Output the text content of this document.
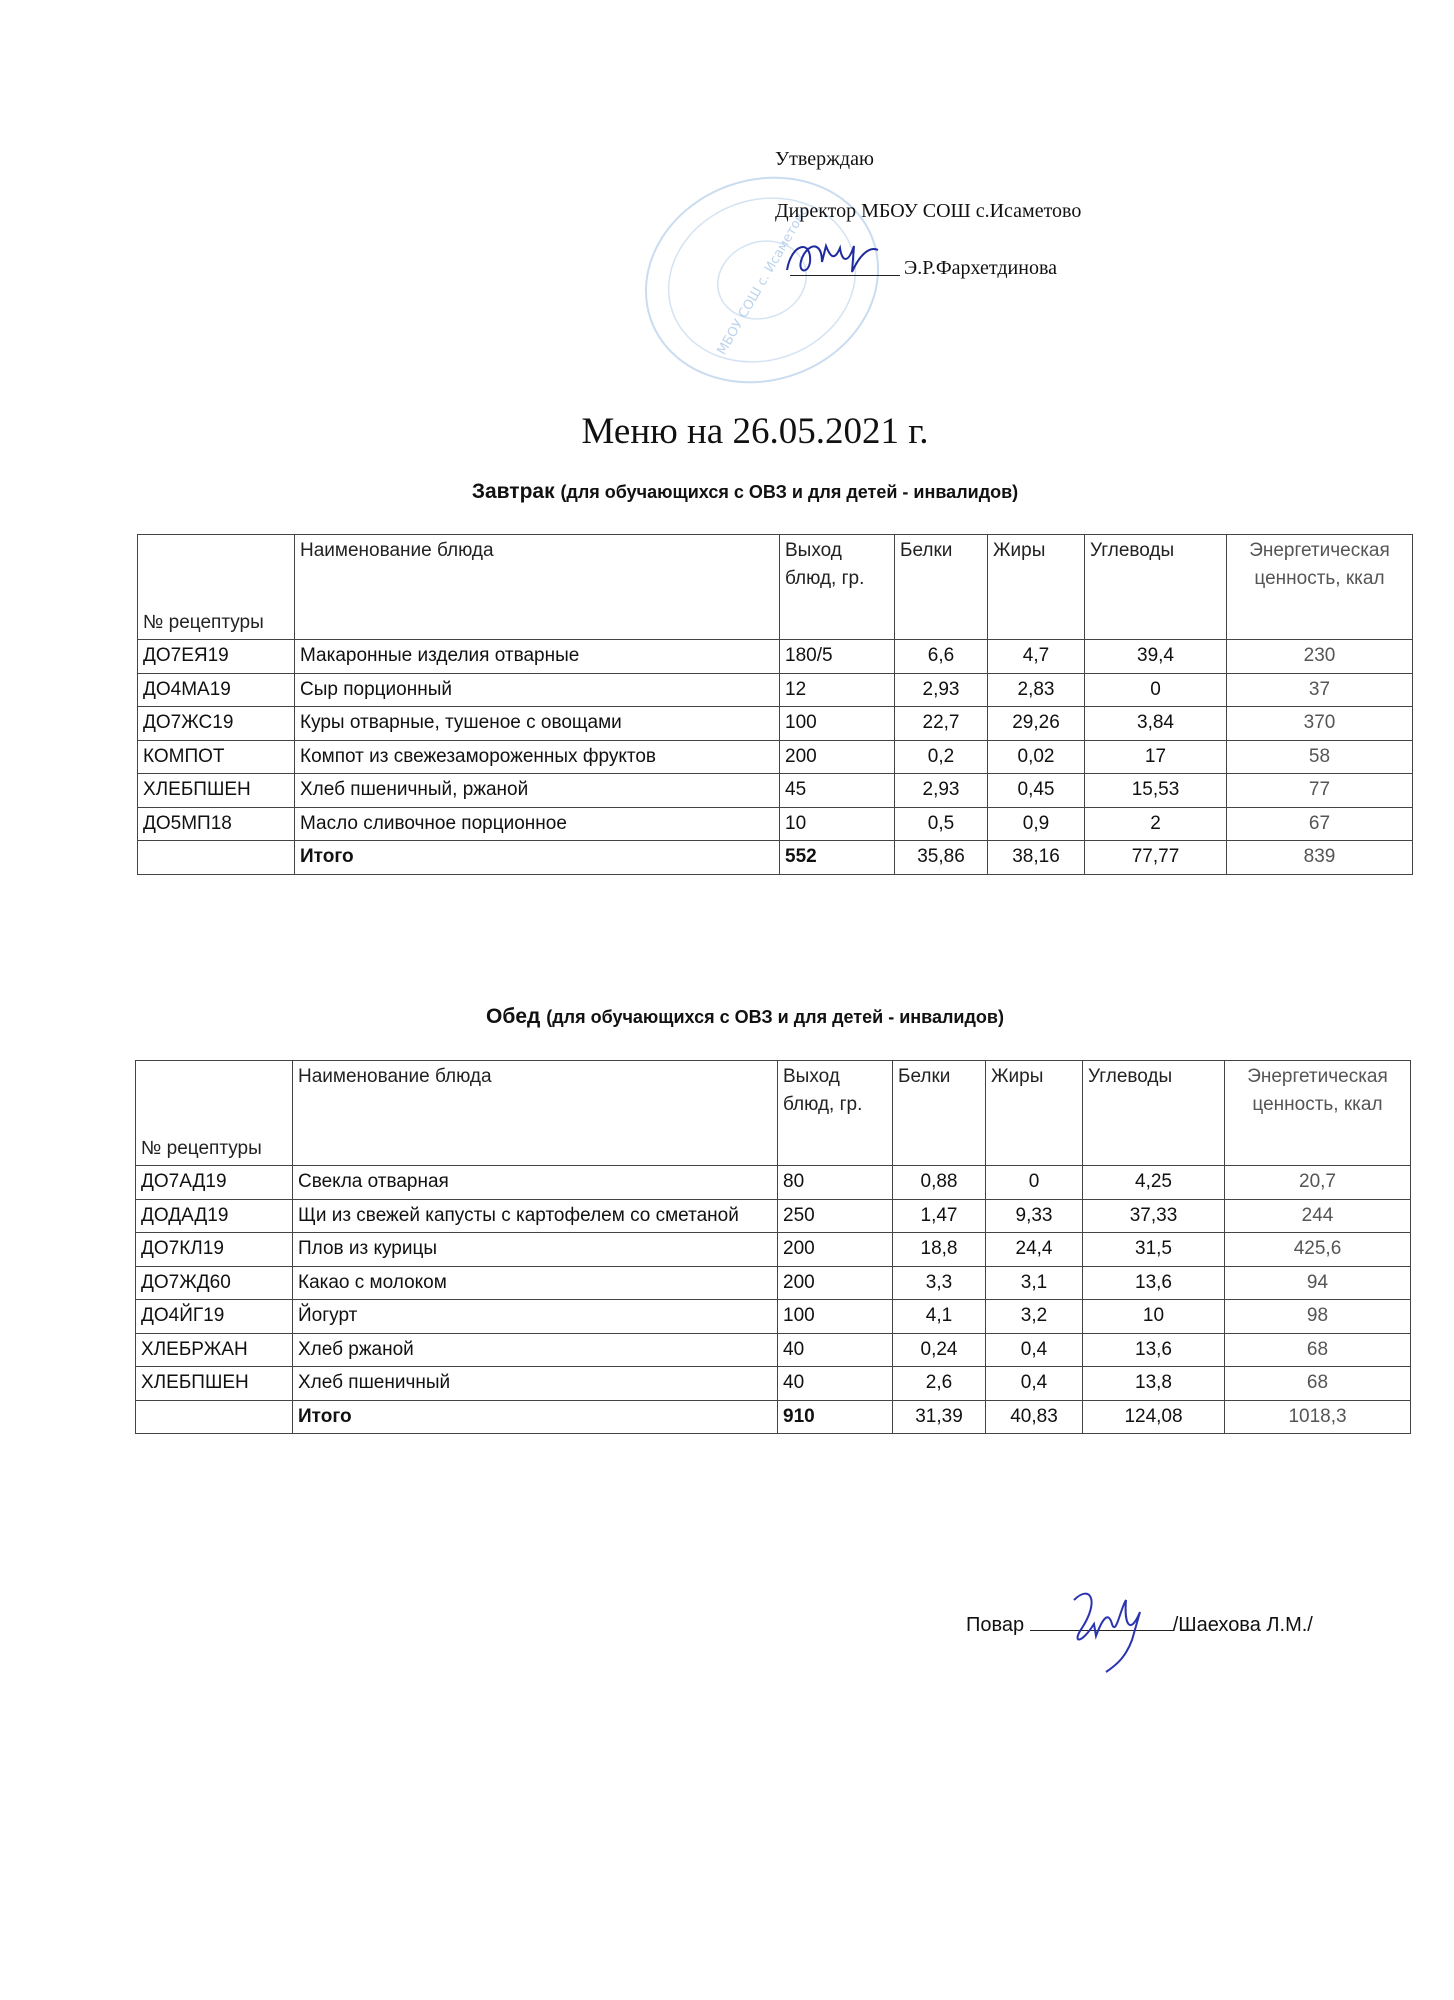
МБОУ СОШ с. Исаметово
Утверждаю
Директор МБОУ СОШ с.Исаметово
Э.Р.Фархетдинова
Меню на 26.05.2021 г.
Завтрак (для обучающихся с ОВЗ и для детей - инвалидов)
№ рецептуры	Наименование блюда	Выход блюд, гр.	Белки	Жиры	Углеводы	Энергетическая ценность, ккал
ДО7ЕЯ19	Макаронные изделия отварные	180/5	6,6	4,7	39,4	230
ДО4МА19	Сыр порционный	12	2,93	2,83	0	37
ДО7ЖС19	Куры отварные, тушеное с овощами	100	22,7	29,26	3,84	370
КОМПОТ	Компот из свежезамороженных фруктов	200	0,2	0,02	17	58
ХЛЕБПШЕН	Хлеб пшеничный, ржаной	45	2,93	0,45	15,53	77
ДО5МП18	Масло сливочное порционное	10	0,5	0,9	2	67
	Итого	552	35,86	38,16	77,77	839
Обед (для обучающихся с ОВЗ и для детей - инвалидов)
№ рецептуры	Наименование блюда	Выход блюд, гр.	Белки	Жиры	Углеводы	Энергетическая ценность, ккал
ДО7АД19	Свекла отварная	80	0,88	0	4,25	20,7
ДОДАД19	Щи из свежей капусты с картофелем со сметаной	250	1,47	9,33	37,33	244
ДО7КЛ19	Плов из курицы	200	18,8	24,4	31,5	425,6
ДО7ЖД60	Какао с молоком	200	3,3	3,1	13,6	94
ДО4ЙГ19	Йогурт	100	4,1	3,2	10	98
ХЛЕБРЖАН	Хлеб ржаной	40	0,24	0,4	13,6	68
ХЛЕБПШЕН	Хлеб пшеничный	40	2,6	0,4	13,8	68
	Итого	910	31,39	40,83	124,08	1018,3
Повар	/Шаехова Л.М./
